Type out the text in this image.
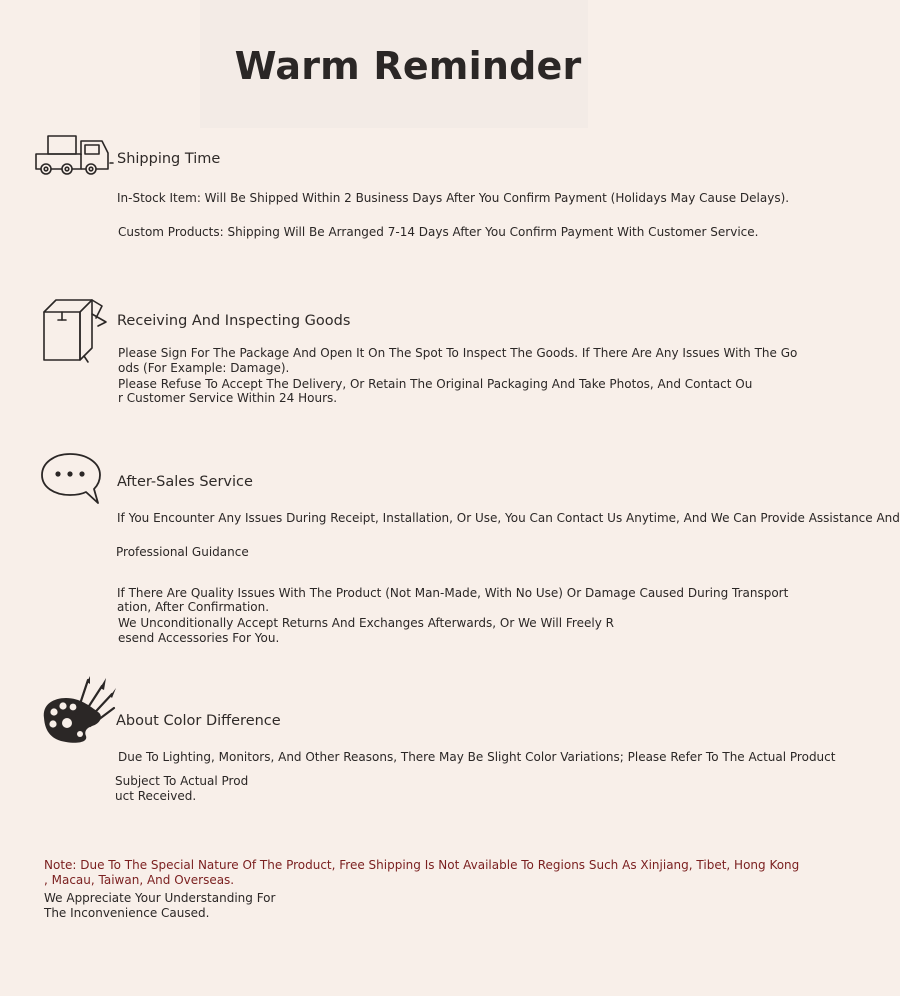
Warm Reminder
Shipping Time
In-Stock Item: Will Be Shipped Within 2 Business Days After You Confirm Payment (Holidays May Cause Delays).
Custom Products: Shipping Will Be Arranged 7-14 Days After You Confirm Payment With Customer Service.
Receiving And Inspecting Goods
Please Sign For The Package And Open It On The Spot To Inspect The Goods. If There Are Any Issues With The Go
ods (For Example: Damage).
Please Refuse To Accept The Delivery, Or Retain The Original Packaging And Take Photos, And Contact Ou
r Customer Service Within 24 Hours.
After-Sales Service
If You Encounter Any Issues During Receipt, Installation, Or Use, You Can Contact Us Anytime, And We Can Provide Assistance And
Professional Guidance
If There Are Quality Issues With The Product (Not Man-Made, With No Use) Or Damage Caused During Transport
ation, After Confirmation.
We Unconditionally Accept Returns And Exchanges Afterwards, Or We Will Freely R
esend Accessories For You.
About Color Difference
Due To Lighting, Monitors, And Other Reasons, There May Be Slight Color Variations; Please Refer To The Actual Product
Subject To Actual Prod
uct Received.
Note: Due To The Special Nature Of The Product, Free Shipping Is Not Available To Regions Such As Xinjiang, Tibet, Hong Kong
, Macau, Taiwan, And Overseas.
We Appreciate Your Understanding For
The Inconvenience Caused.
